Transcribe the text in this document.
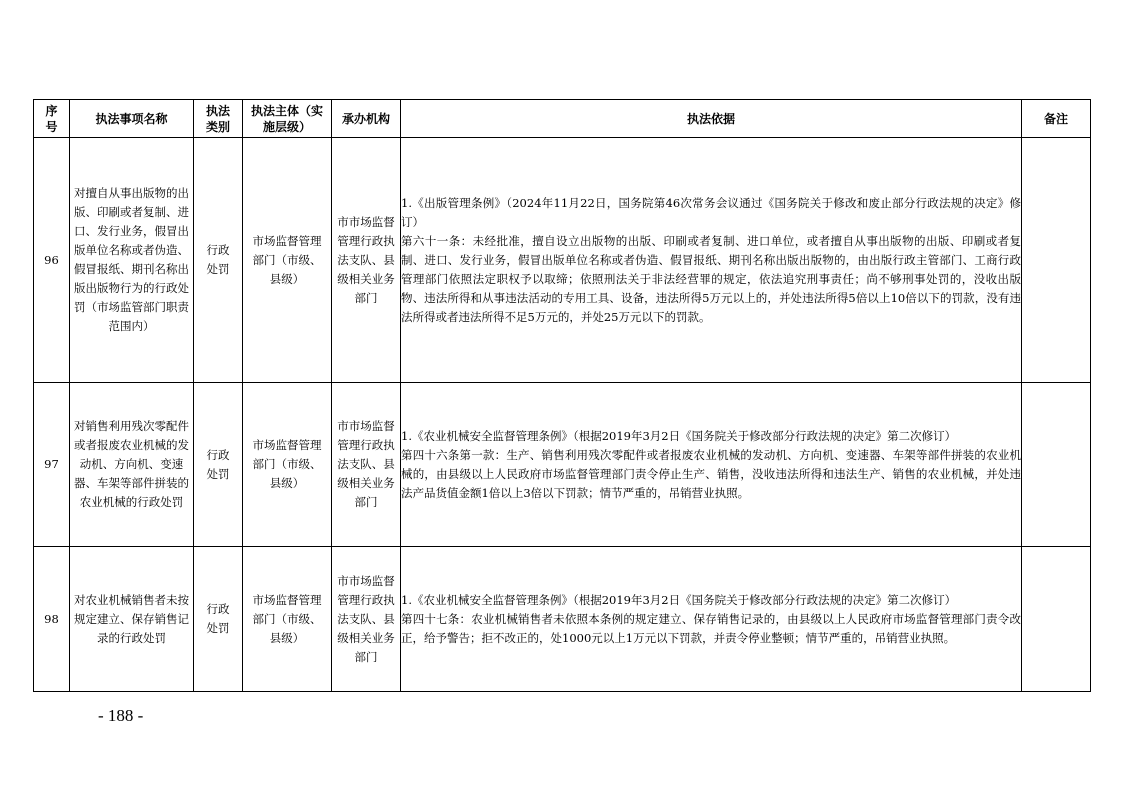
序号	执法事项名称	执法类别	执法主体（实施层级）	承办机构	执法依据	备注
96	对擅自从事出版物的出版、印刷或者复制、进口、发行业务，假冒出版单位名称或者伪造、假冒报纸、期刊名称出版出版物行为的行政处罚（市场监管部门职责范围内）	行政处罚	市场监督管理部门（市级、县级）	市市场监督管理行政执法支队、县级相关业务部门	1.《出版管理条例》（2024年11月22日，国务院第46次常务会议通过《国务院关于修改和废止部分行政法规的决定》修订）

第六十一条：未经批准，擅自设立出版物的出版、印刷或者复制、进口单位，或者擅自从事出版物的出版、印刷或者复制、进口、发行业务，假冒出版单位名称或者伪造、假冒报纸、期刊名称出版出版物的，由出版行政主管部门、工商行政管理部门依照法定职权予以取缔；依照刑法关于非法经营罪的规定，依法追究刑事责任；尚不够刑事处罚的，没收出版物、违法所得和从事违法活动的专用工具、设备，违法所得5万元以上的，并处违法所得5倍以上10倍以下的罚款，没有违法所得或者违法所得不足5万元的，并处25万元以下的罚款。	

97	对销售利用残次零配件或者报废农业机械的发动机、方向机、变速器、车架等部件拼装的农业机械的行政处罚	行政处罚	市场监督管理部门（市级、县级）	市市场监督管理行政执法支队、县级相关业务部门	1.《农业机械安全监督管理条例》（根据2019年3月2日《国务院关于修改部分行政法规的决定》第二次修订）

第四十六条第一款：生产、销售利用残次零配件或者报废农业机械的发动机、方向机、变速器、车架等部件拼装的农业机械的，由县级以上人民政府市场监督管理部门责令停止生产、销售，没收违法所得和违法生产、销售的农业机械，并处违法产品货值金额1倍以上3倍以下罚款；情节严重的，吊销营业执照。	

98	对农业机械销售者未按规定建立、保存销售记录的行政处罚	行政处罚	市场监督管理部门（市级、县级）	市市场监督管理行政执法支队、县级相关业务部门	1.《农业机械安全监督管理条例》（根据2019年3月2日《国务院关于修改部分行政法规的决定》第二次修订）

第四十七条：农业机械销售者未依照本条例的规定建立、保存销售记录的，由县级以上人民政府市场监督管理部门责令改正，给予警告；拒不改正的，处1000元以上1万元以下罚款，并责令停业整顿；情节严重的，吊销营业执照。	

- 188 -
